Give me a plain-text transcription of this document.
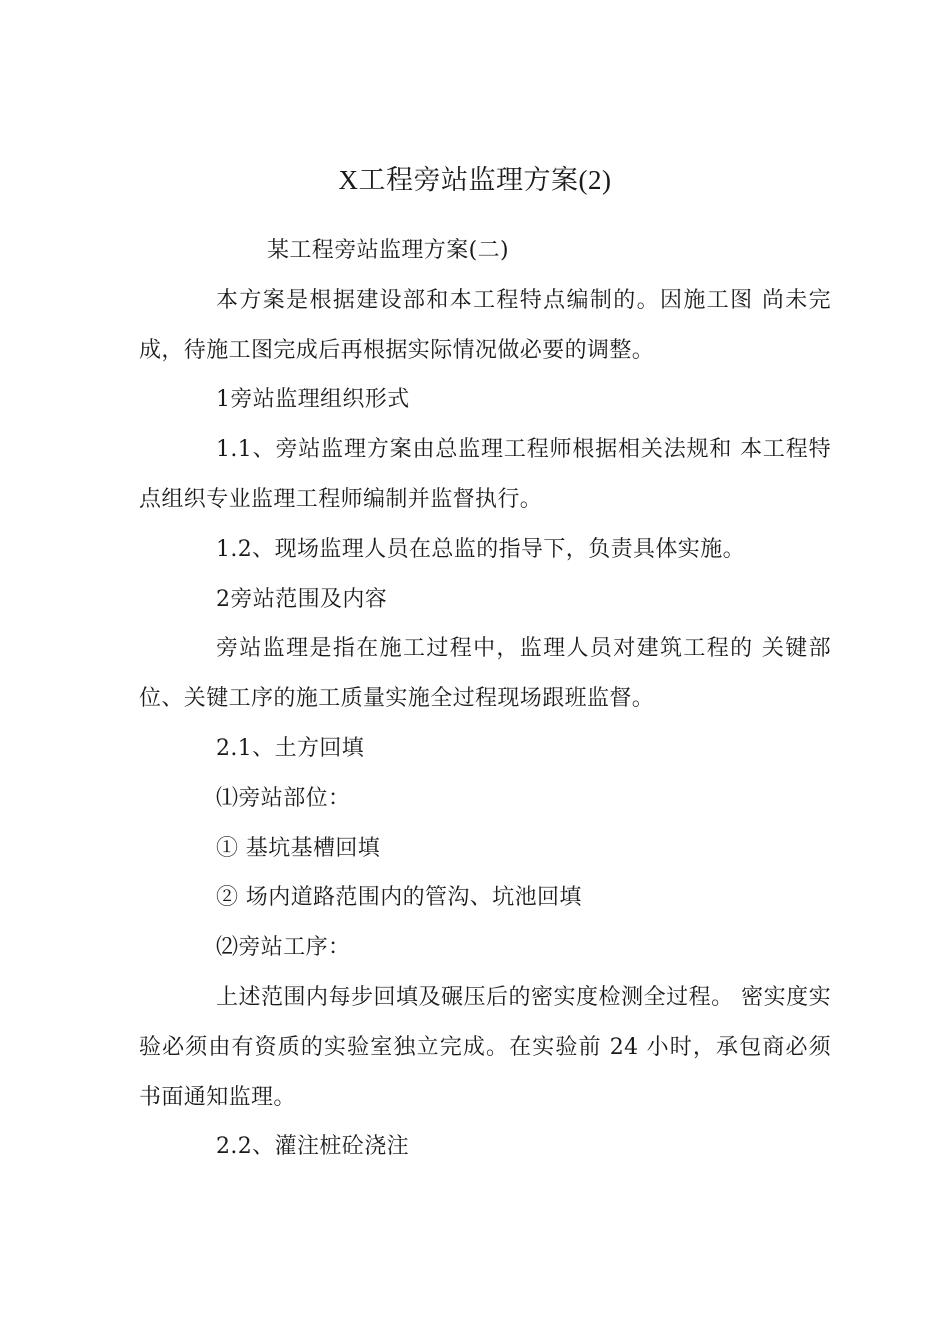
X工程旁站监理方案(2)

某工程旁站监理方案(二)

本方案是根据建设部和本工程特点编制的。因施工图 尚未完成，待施工图完成后再根据实际情况做必要的调整。

1旁站监理组织形式

1.1、旁站监理方案由总监理工程师根据相关法规和 本工程特点组织专业监理工程师编制并监督执行。

1.2、现场监理人员在总监的指导下，负责具体实施。

2旁站范围及内容

旁站监理是指在施工过程中，监理人员对建筑工程的 关键部位、关键工序的施工质量实施全过程现场跟班监督。

2.1、土方回填

⑴旁站部位：

① 基坑基槽回填

② 场内道路范围内的管沟、坑池回填

⑵旁站工序：

上述范围内每步回填及碾压后的密实度检测全过程。 密实度实验必须由有资质的实验室独立完成。在实验前 24 小时，承包商必须书面通知监理。

2.2、灌注桩砼浇注
